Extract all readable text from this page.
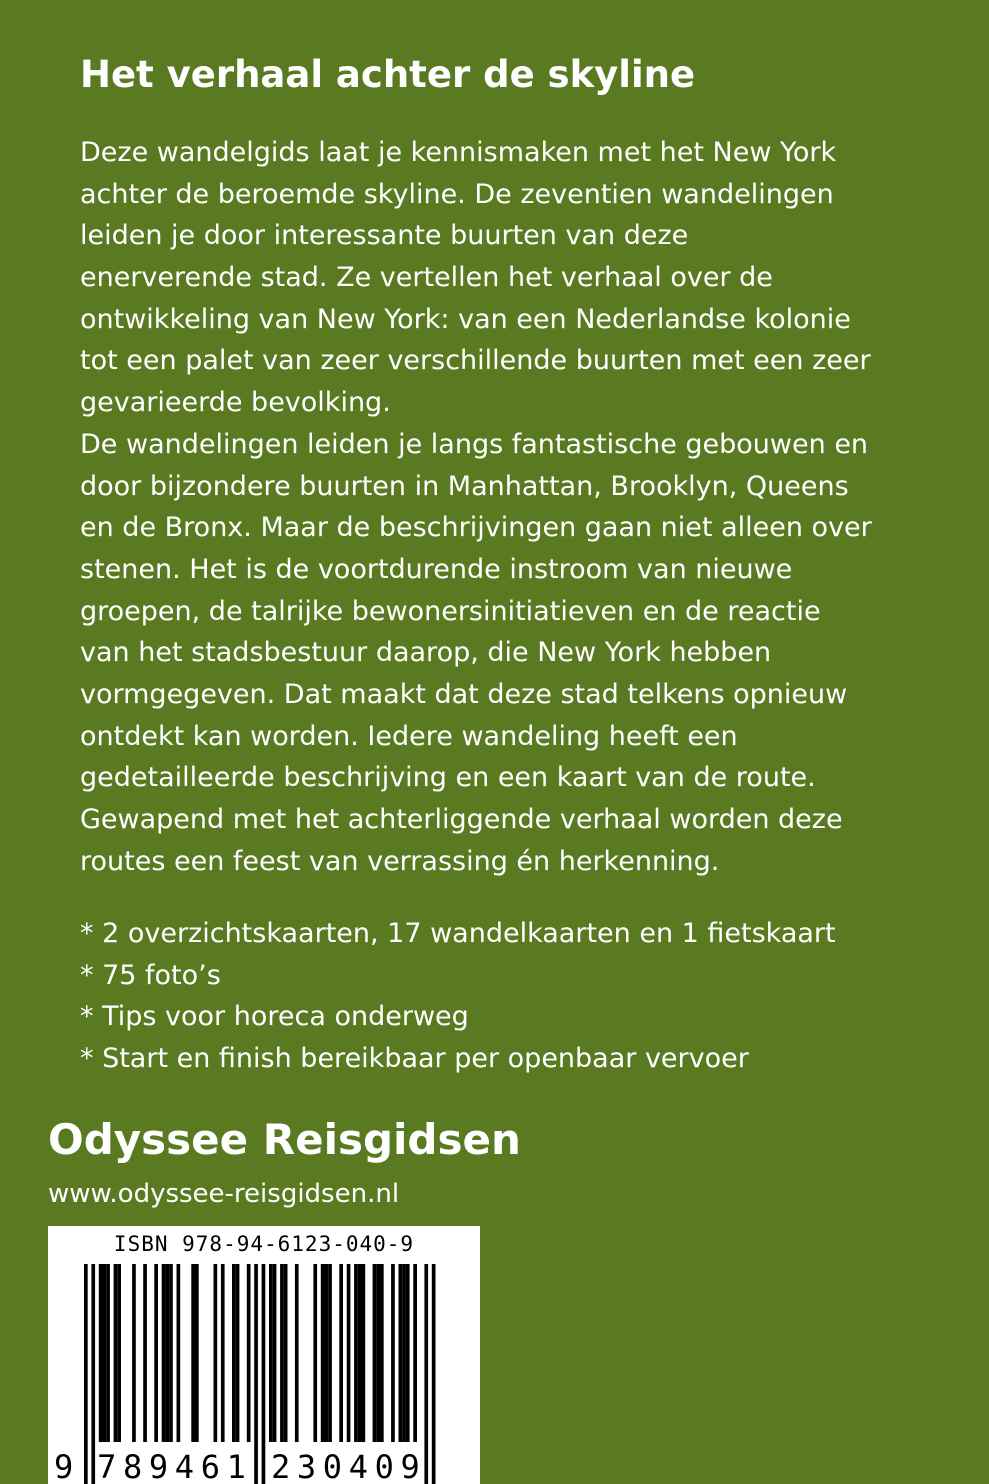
Het verhaal achter de skyline
Deze wandelgids laat je kennismaken met het New York
achter de beroemde skyline. De zeventien wandelingen
leiden je door interessante buurten van deze
enerverende stad. Ze vertellen het verhaal over de
ontwikkeling van New York: van een Nederlandse kolonie
tot een palet van zeer verschillende buurten met een zeer
gevarieerde bevolking.
De wandelingen leiden je langs fantastische gebouwen en
door bijzondere buurten in Manhattan, Brooklyn, Queens
en de Bronx. Maar de beschrijvingen gaan niet alleen over
stenen. Het is de voortdurende instroom van nieuwe
groepen, de talrijke bewonersinitiatieven en de reactie
van het stadsbestuur daarop, die New York hebben
vormgegeven. Dat maakt dat deze stad telkens opnieuw
ontdekt kan worden. Iedere wandeling heeft een
gedetailleerde beschrijving en een kaart van de route.
Gewapend met het achterliggende verhaal worden deze
routes een feest van verrassing én herkenning.
* 2 overzichtskaarten, 17 wandelkaarten en 1 fietskaart
* 75 foto’s
* Tips voor horeca onderweg
* Start en finish bereikbaar per openbaar vervoer
Odyssee Reisgidsen
www.odyssee-reisgidsen.nl
ISBN 978-94-6123-040-9
9 7 8 9 4 6 1 2 3 0 4 0 9
